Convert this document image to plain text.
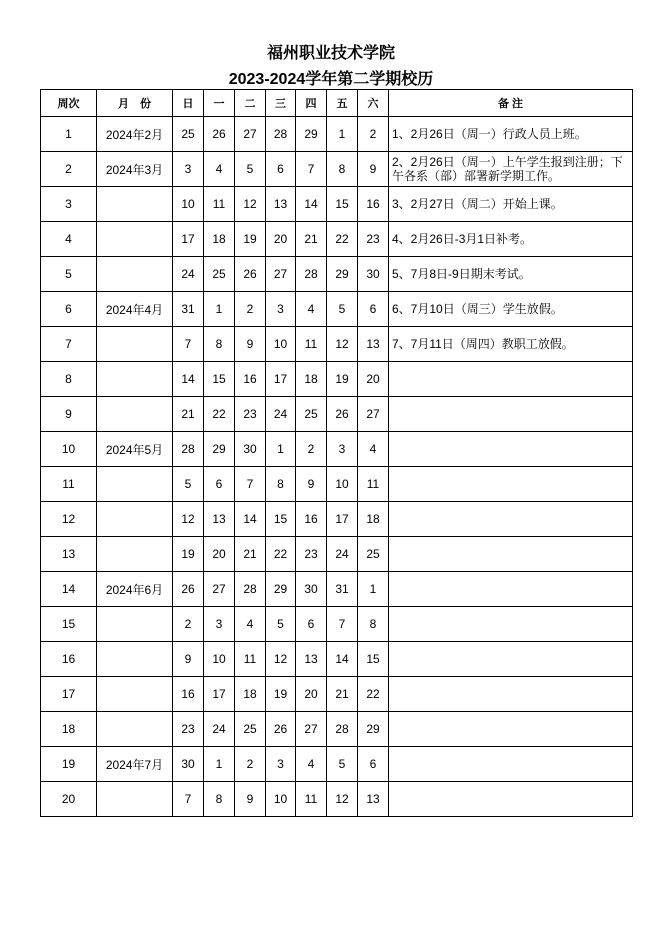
福州职业技术学院
2023-2024学年第二学期校历
周次	月　份	日	一	二	三	四	五	六	备 注
1	2024年2月	25	26	27	28	29	1	2	1、2月26日（周一）行政人员上班。
2	2024年3月	3	4	5	6	7	8	9	2、2月26日（周一）上午学生报到注册；下午各系（部）部署新学期工作。
3		10	11	12	13	14	15	16	3、2月27日（周二）开始上课。
4		17	18	19	20	21	22	23	4、2月26日-3月1日补考。
5		24	25	26	27	28	29	30	5、7月8日-9日期末考试。
6	2024年4月	31	1	2	3	4	5	6	6、7月10日（周三）学生放假。
7		7	8	9	10	11	12	13	7、7月11日（周四）教职工放假。
8		14	15	16	17	18	19	20	
9		21	22	23	24	25	26	27	
10	2024年5月	28	29	30	1	2	3	4	
11		5	6	7	8	9	10	11	
12		12	13	14	15	16	17	18	
13		19	20	21	22	23	24	25	
14	2024年6月	26	27	28	29	30	31	1	
15		2	3	4	5	6	7	8	
16		9	10	11	12	13	14	15	
17		16	17	18	19	20	21	22	
18		23	24	25	26	27	28	29	
19	2024年7月	30	1	2	3	4	5	6	
20		7	8	9	10	11	12	13	
